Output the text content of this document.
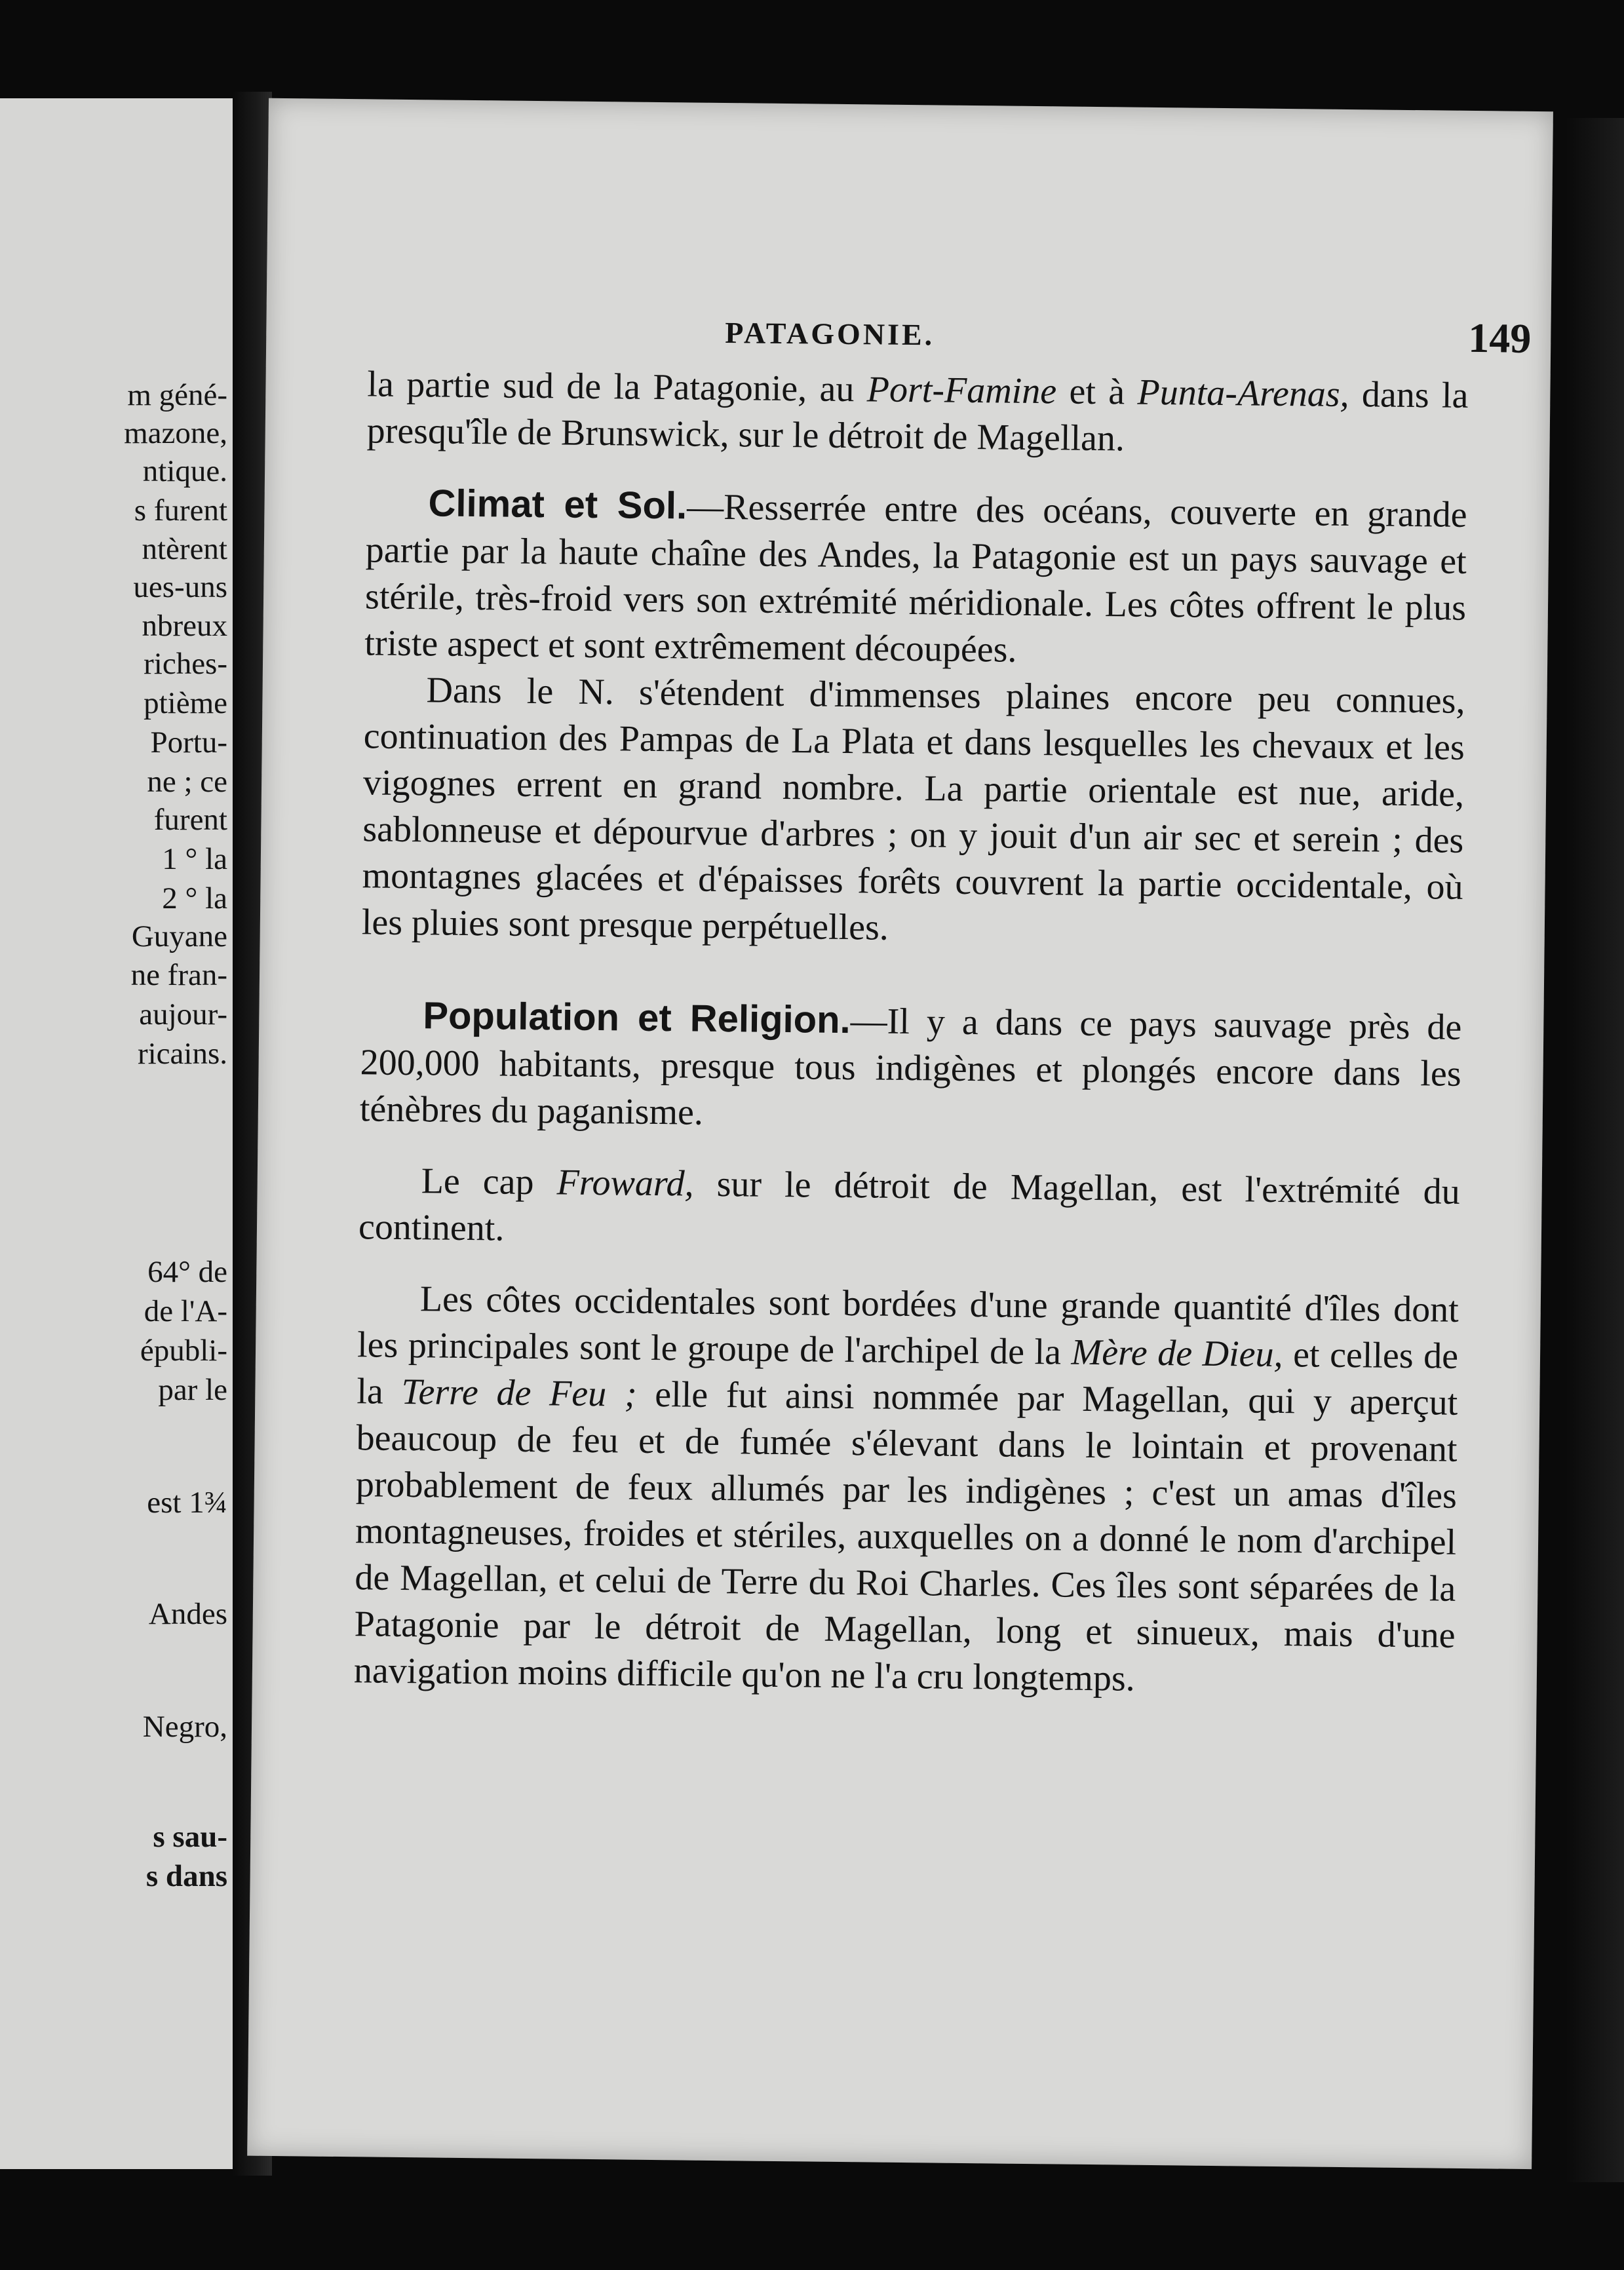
m géné-
mazone,
ntique.
s furent
ntèrent
ues-uns
nbreux
riches-
ptième
Portu-
ne ; ce
furent
1 ° la
2 ° la
Guyane
ne fran-
aujour-
ricains.
64° de
de l'A-
épubli-
par le
est 1¾
Andes
Negro,
s sau-
s dans
PATAGONIE.	149

la partie sud de la Patagonie, au Port-Famine et à Punta-Arenas, dans la presqu'île de Brunswick, sur le détroit de Magellan.

Climat et Sol.—Resserrée entre des océans, couverte en grande partie par la haute chaîne des Andes, la Patagonie est un pays sauvage et stérile, très-froid vers son extrémité méridionale. Les côtes offrent le plus triste aspect et sont extrêmement découpées.

Dans le N. s'étendent d'immenses plaines encore peu connues, continuation des Pampas de La Plata et dans lesquelles les chevaux et les vigognes errent en grand nombre. La partie orientale est nue, aride, sablonneuse et dépourvue d'arbres ; on y jouit d'un air sec et serein ; des montagnes glacées et d'épaisses forêts couvrent la partie occidentale, où les pluies sont presque perpétuelles.

Population et Religion.—Il y a dans ce pays sauvage près de 200,000 habitants, presque tous indigènes et plongés encore dans les ténèbres du paganisme.

Le cap Froward, sur le détroit de Magellan, est l'extrémité du continent.

Les côtes occidentales sont bordées d'une grande quantité d'îles dont les principales sont le groupe de l'archipel de la Mère de Dieu, et celles de la Terre de Feu ; elle fut ainsi nommée par Magellan, qui y aperçut beaucoup de feu et de fumée s'élevant dans le lointain et provenant probablement de feux allumés par les indigènes ; c'est un amas d'îles montagneuses, froides et stériles, auxquelles on a donné le nom d'archipel de Magellan, et celui de Terre du Roi Charles. Ces îles sont séparées de la Patagonie par le détroit de Magellan, long et sinueux, mais d'une navigation moins difficile qu'on ne l'a cru longtemps.
